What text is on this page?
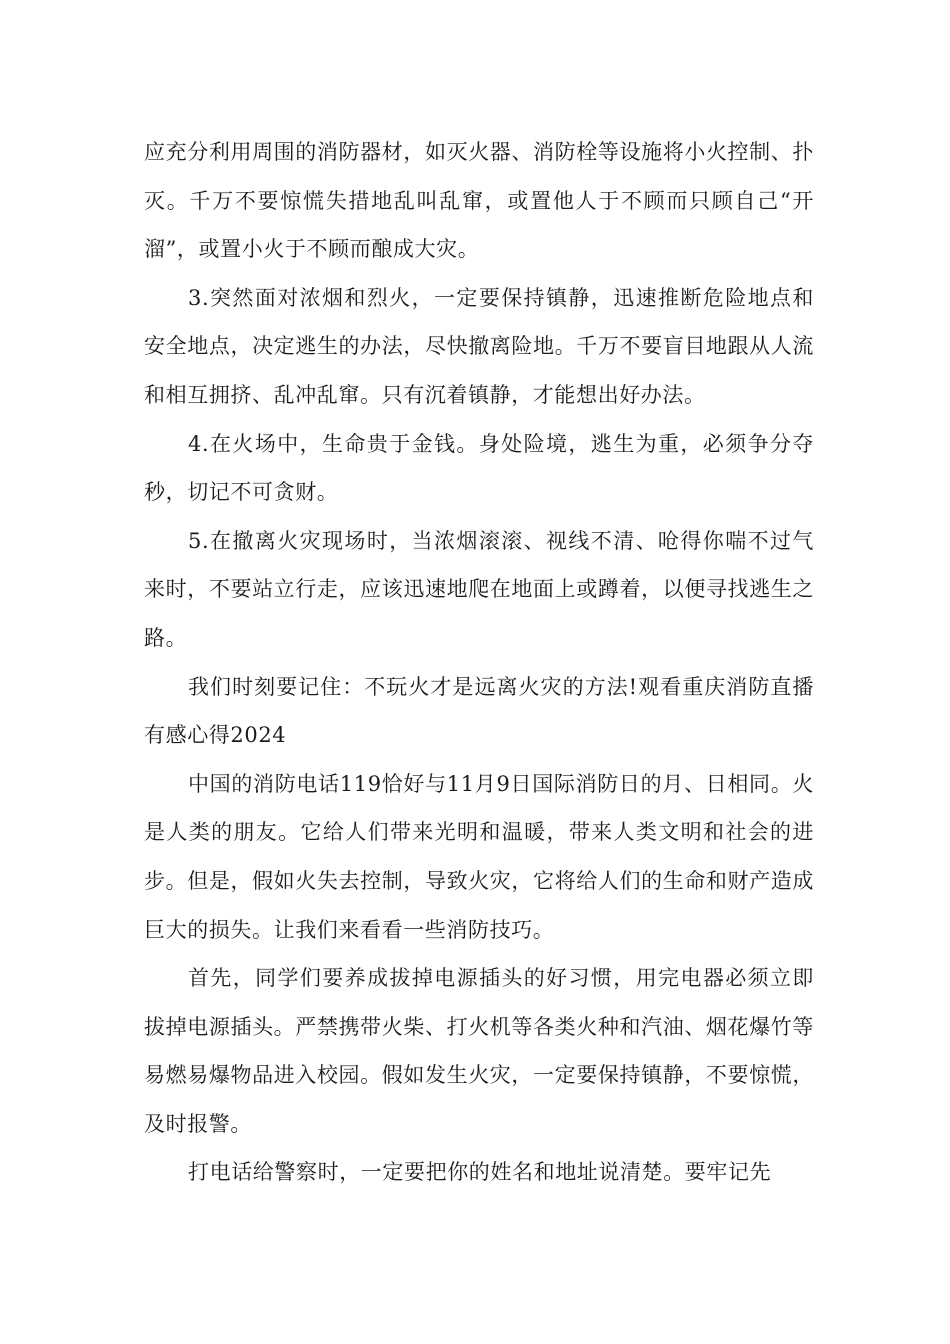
应充分利用周围的消防器材，如灭火器、消防栓等设施将小火控制、扑灭。千万不要惊慌失措地乱叫乱窜，或置他人于不顾而只顾自己“开溜”，或置小火于不顾而酿成大灾。

3.突然面对浓烟和烈火，一定要保持镇静，迅速推断危险地点和安全地点，决定逃生的办法，尽快撤离险地。千万不要盲目地跟从人流和相互拥挤、乱冲乱窜。只有沉着镇静，才能想出好办法。

4.在火场中，生命贵于金钱。身处险境，逃生为重，必须争分夺秒，切记不可贪财。

5.在撤离火灾现场时，当浓烟滚滚、视线不清、呛得你喘不过气来时，不要站立行走，应该迅速地爬在地面上或蹲着，以便寻找逃生之路。

我们时刻要记住：不玩火才是远离火灾的方法!观看重庆消防直播有感心得2024

中国的消防电话119恰好与11月9日国际消防日的月、日相同。火是人类的朋友。它给人们带来光明和温暖，带来人类文明和社会的进步。但是，假如火失去控制，导致火灾，它将给人们的生命和财产造成巨大的损失。让我们来看看一些消防技巧。

首先，同学们要养成拔掉电源插头的好习惯，用完电器必须立即拔掉电源插头。严禁携带火柴、打火机等各类火种和汽油、烟花爆竹等易燃易爆物品进入校园。假如发生火灾，一定要保持镇静，不要惊慌，及时报警。

打电话给警察时，一定要把你的姓名和地址说清楚。要牢记先
